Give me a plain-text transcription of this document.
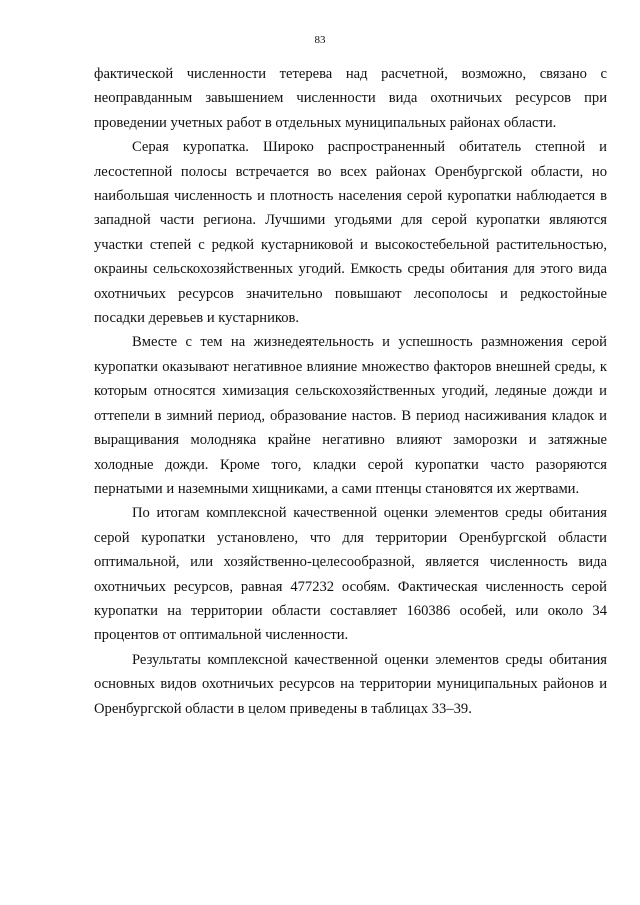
83

фактической численности тетерева над расчетной, возможно, связано с неоправданным завышением численности вида охотничьих ресурсов при проведении учетных работ в отдельных муниципальных районах области.

Серая куропатка. Широко распространенный обитатель степной и лесостепной полосы встречается во всех районах Оренбургской области, но наибольшая численность и плотность населения серой куропатки наблюдается в западной части региона. Лучшими угодьями для серой куропатки являются участки степей с редкой кустарниковой и высокостебельной растительностью, окраины сельскохозяйственных угодий. Емкость среды обитания для этого вида охотничьих ресурсов значительно повышают лесополосы и редкостойные посадки деревьев и кустарников.

Вместе с тем на жизнедеятельность и успешность размножения серой куропатки оказывают негативное влияние множество факторов внешней среды, к которым относятся химизация сельскохозяйственных угодий, ледяные дожди и оттепели в зимний период, образование настов. В период насиживания кладок и выращивания молодняка крайне негативно влияют заморозки и затяжные холодные дожди. Кроме того, кладки серой куропатки часто разоряются пернатыми и наземными хищниками, а сами птенцы становятся их жертвами.

По итогам комплексной качественной оценки элементов среды обитания серой куропатки установлено, что для территории Оренбургской области оптимальной, или хозяйственно-целесообразной, является численность вида охотничьих ресурсов, равная 477232 особям. Фактическая численность серой куропатки на территории области составляет 160386 особей, или около 34 процентов от оптимальной численности.

Результаты комплексной качественной оценки элементов среды обитания основных видов охотничьих ресурсов на территории муниципальных районов и Оренбургской области в целом приведены в таблицах 33–39.
